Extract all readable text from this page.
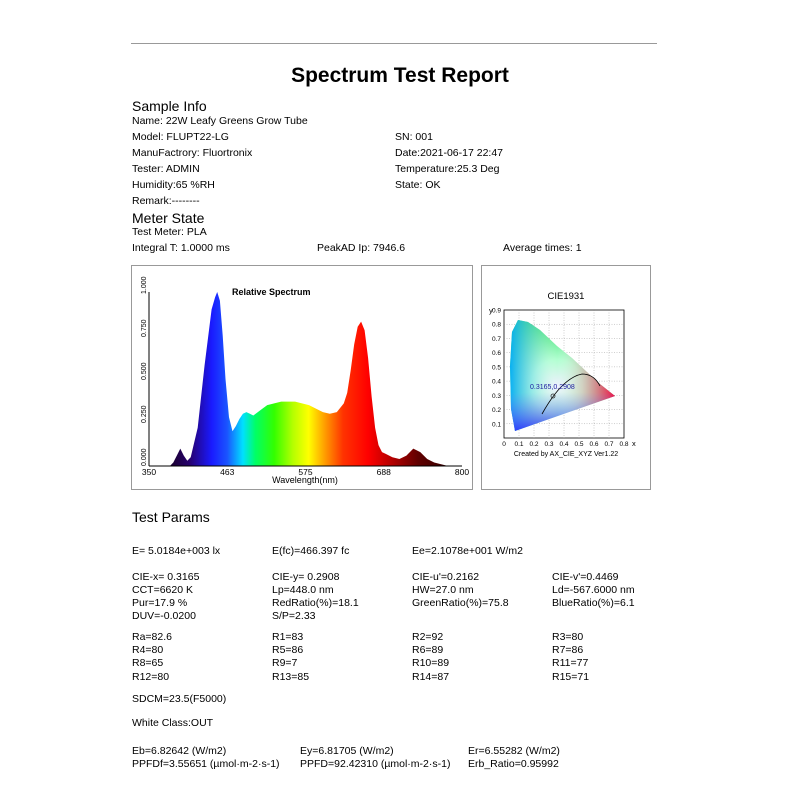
Spectrum Test Report
Sample Info
Name: 22W Leafy Greens Grow Tube
Model: FLUPT22-LG	SN: 001
ManuFactrory: Fluortronix	Date:2021-06-17 22:47
Tester: ADMIN	Temperature:25.3 Deg
Humidity:65 %RH	State: OK
Remark:--------
Meter State
Test Meter: PLA
Integral T: 1.0000 ms	PeakAD Ip: 7946.6	Average times: 1
Relative Spectrum
350	463	575	688	800
0.000
0.250
0.500
0.750
1.000
Wavelength(nm)
CIE1931
y
x
0 0.1 0.2 0.3 0.4 0.5 0.6 0.7 0.8
0.1
0.2
0.3
0.4
0.5
0.6
0.7
0.8
0.9
0.3165,0.2908
Created by AX_CIE_XYZ Ver1.22
Test Params
E= 5.0184e+003 lx	E(fc)=466.397 fc	Ee=2.1078e+001 W/m2
CIE-x= 0.3165	CIE-y= 0.2908	CIE-u'=0.2162	CIE-v'=0.4469
CCT=6620 K	Lp=448.0 nm	HW=27.0 nm	Ld=-567.6000 nm
Pur=17.9 %	RedRatio(%)=18.1	GreenRatio(%)=75.8	BlueRatio(%)=6.1
DUV=-0.0200	S/P=2.33
Ra=82.6	R1=83	R2=92	R3=80
R4=80	R5=86	R6=89	R7=86
R8=65	R9=7	R10=89	R11=77
R12=80	R13=85	R14=87	R15=71
SDCM=23.5(F5000)
White Class:OUT
Eb=6.82642 (W/m2)	Ey=6.81705 (W/m2)	Er=6.55282 (W/m2)
PPFDf=3.55651 (µmol·m-2·s-1) PPFD=92.42310 (µmol·m-2·s-1) Erb_Ratio=0.95992
